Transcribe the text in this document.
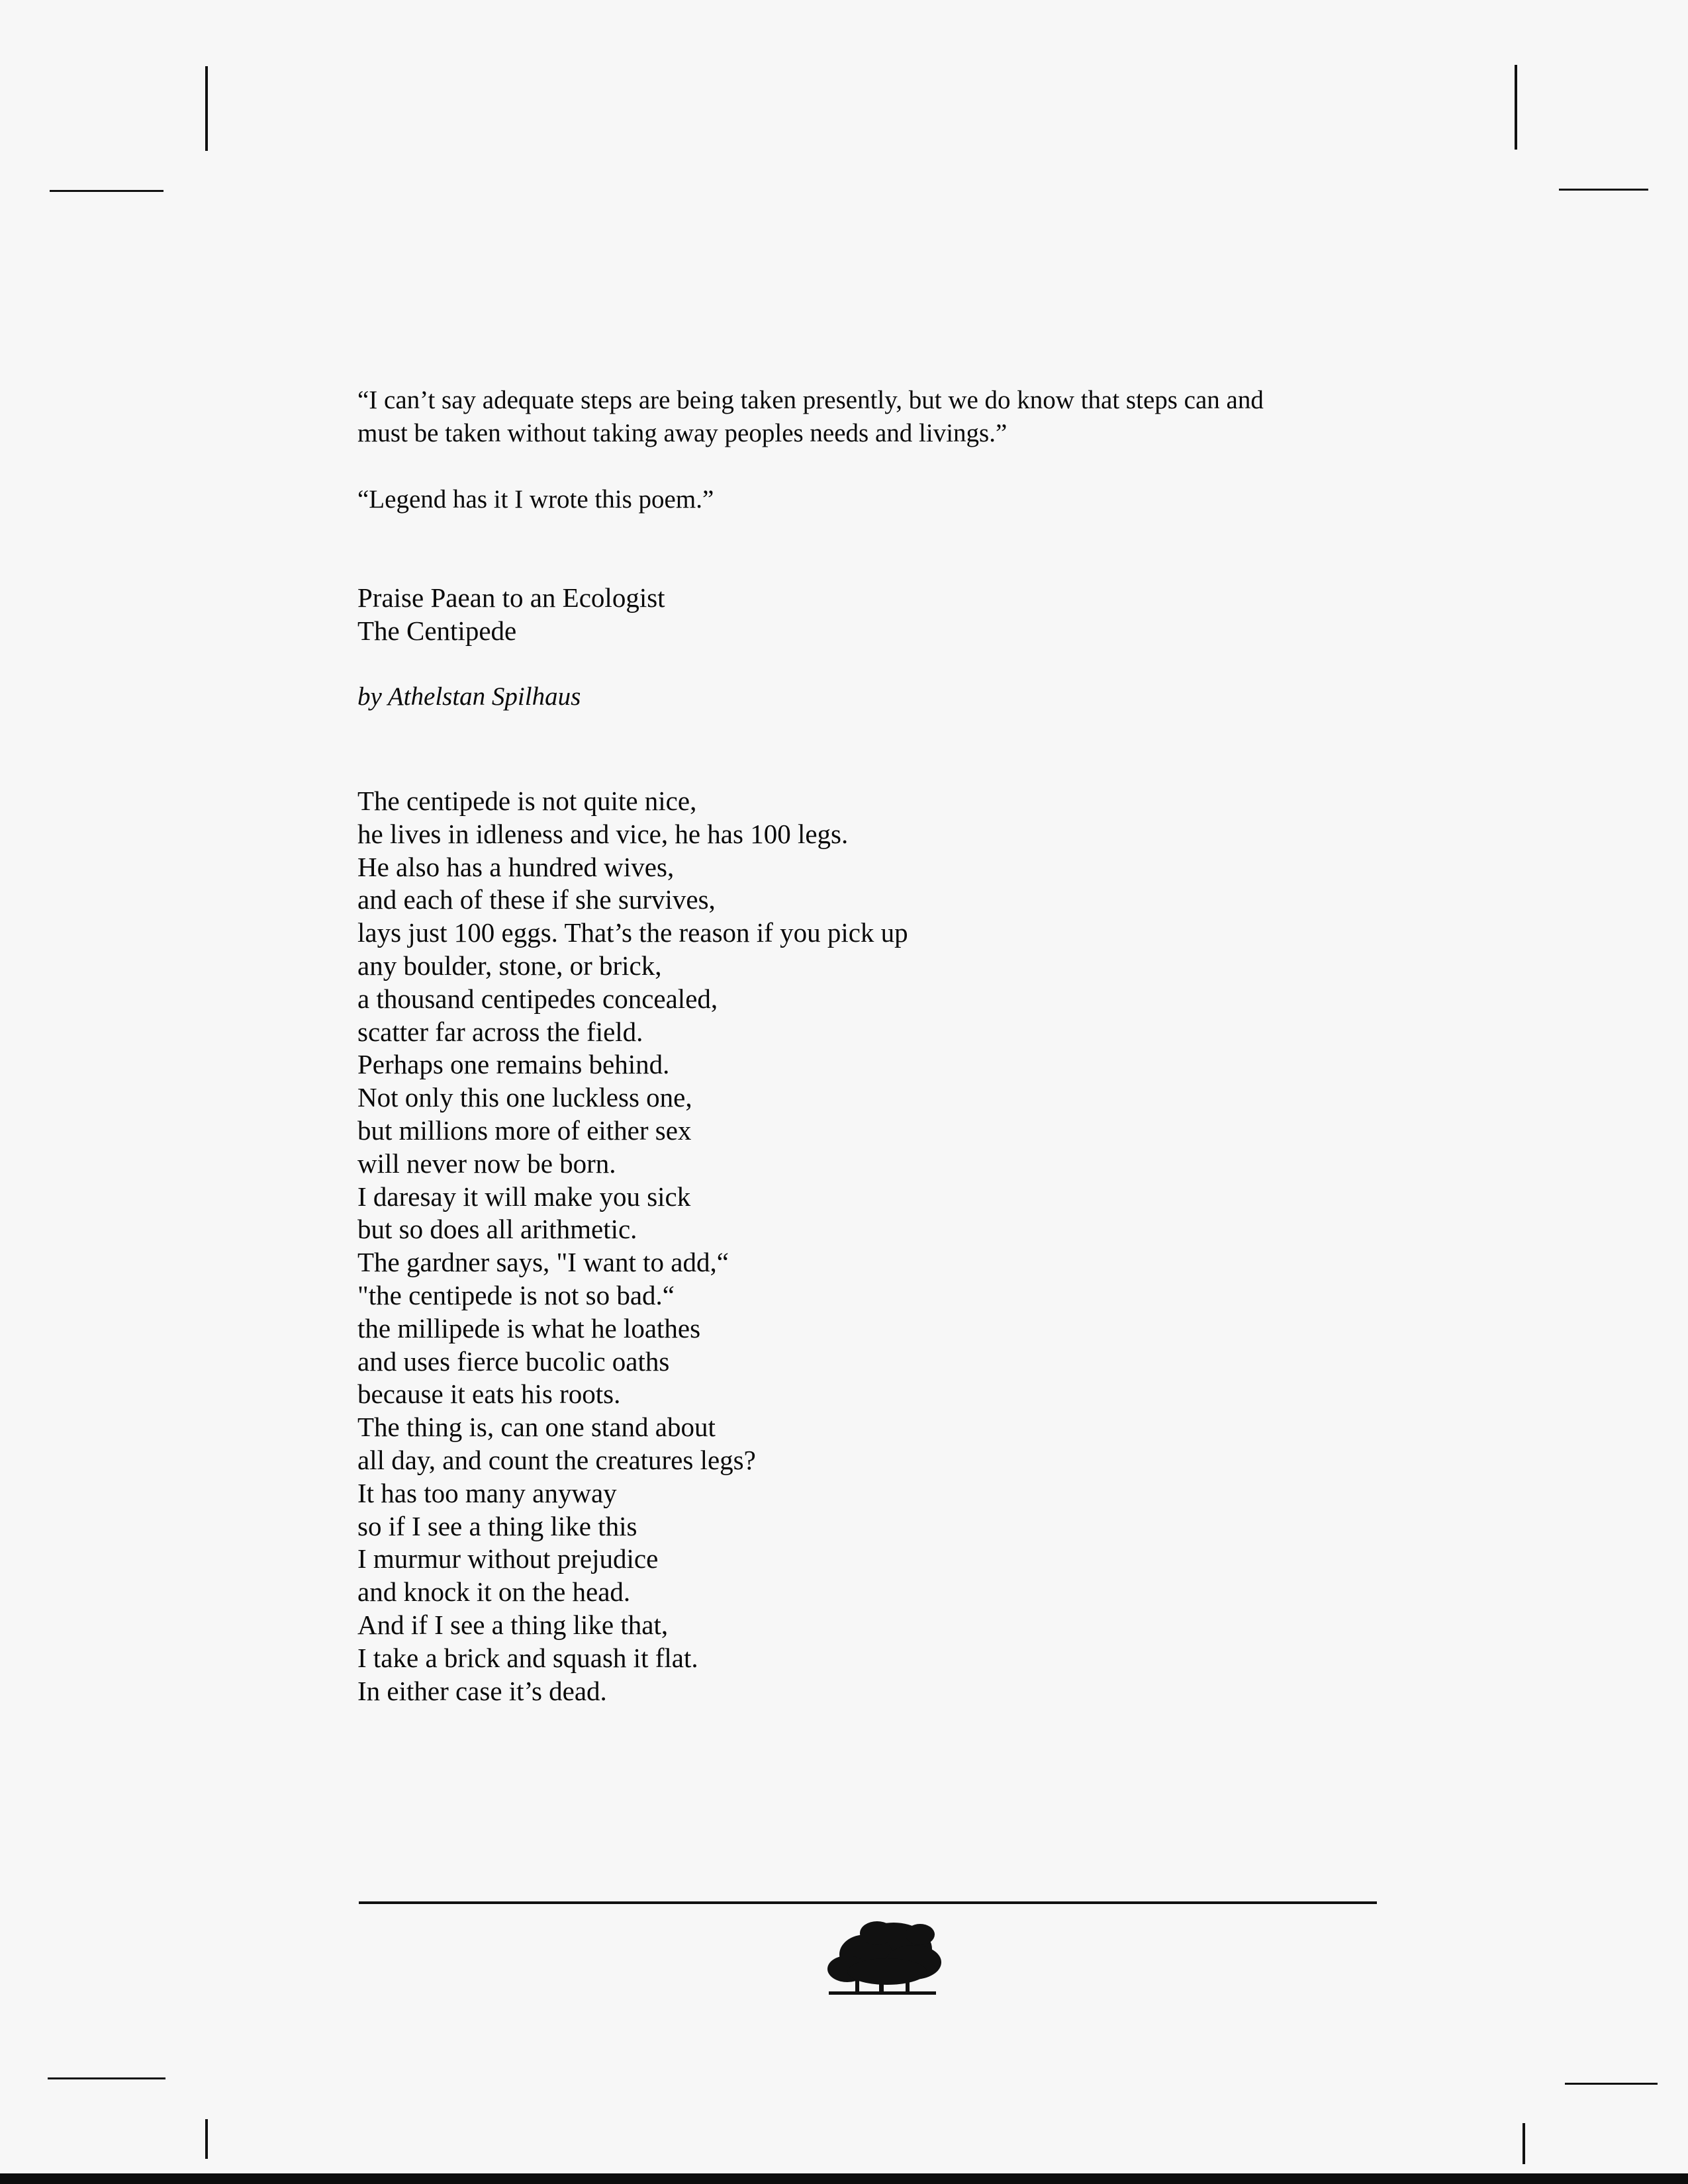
“I can’t say adequate steps are being taken presently, but we do know that steps can and
must be taken without taking away peoples needs and livings.”
“Legend has it I wrote this poem.”
Praise Paean to an Ecologist
The Centipede
by Athelstan Spilhaus
The centipede is not quite nice,
he lives in idleness and vice, he has 100 legs.
He also has a hundred wives,
and each of these if she survives,
lays just 100 eggs. That’s the reason if you pick up
any boulder, stone, or brick,
a thousand centipedes concealed,
scatter far across the field.
Perhaps one remains behind.
Not only this one luckless one,
but millions more of either sex
will never now be born.
I daresay it will make you sick
but so does all arithmetic.
The gardner says, "I want to add,“
"the centipede is not so bad.“
the millipede is what he loathes
and uses fierce bucolic oaths
because it eats his roots.
The thing is, can one stand about
all day, and count the creatures legs?
It has too many anyway
so if I see a thing like this
I murmur without prejudice
and knock it on the head.
And if I see a thing like that,
I take a brick and squash it flat.
In either case it’s dead.
